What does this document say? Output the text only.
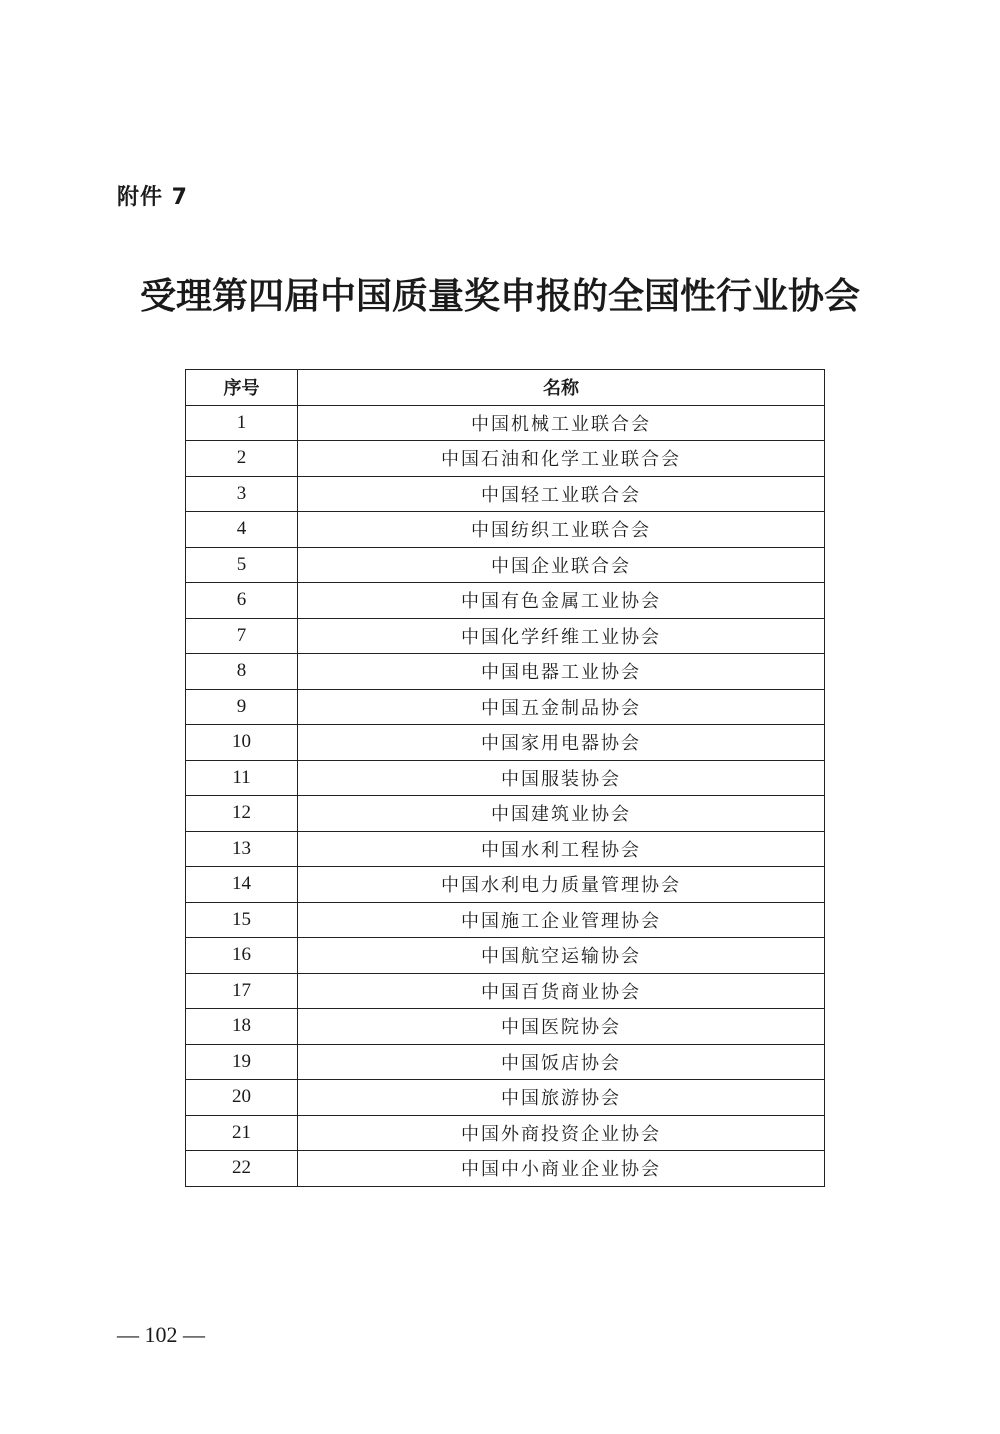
附件 7
受理第四届中国质量奖申报的全国性行业协会
序号	名称
1	中国机械工业联合会
2	中国石油和化学工业联合会
3	中国轻工业联合会
4	中国纺织工业联合会
5	中国企业联合会
6	中国有色金属工业协会
7	中国化学纤维工业协会
8	中国电器工业协会
9	中国五金制品协会
10	中国家用电器协会
11	中国服装协会
12	中国建筑业协会
13	中国水利工程协会
14	中国水利电力质量管理协会
15	中国施工企业管理协会
16	中国航空运输协会
17	中国百货商业协会
18	中国医院协会
19	中国饭店协会
20	中国旅游协会
21	中国外商投资企业协会
22	中国中小商业企业协会
— 102 —
